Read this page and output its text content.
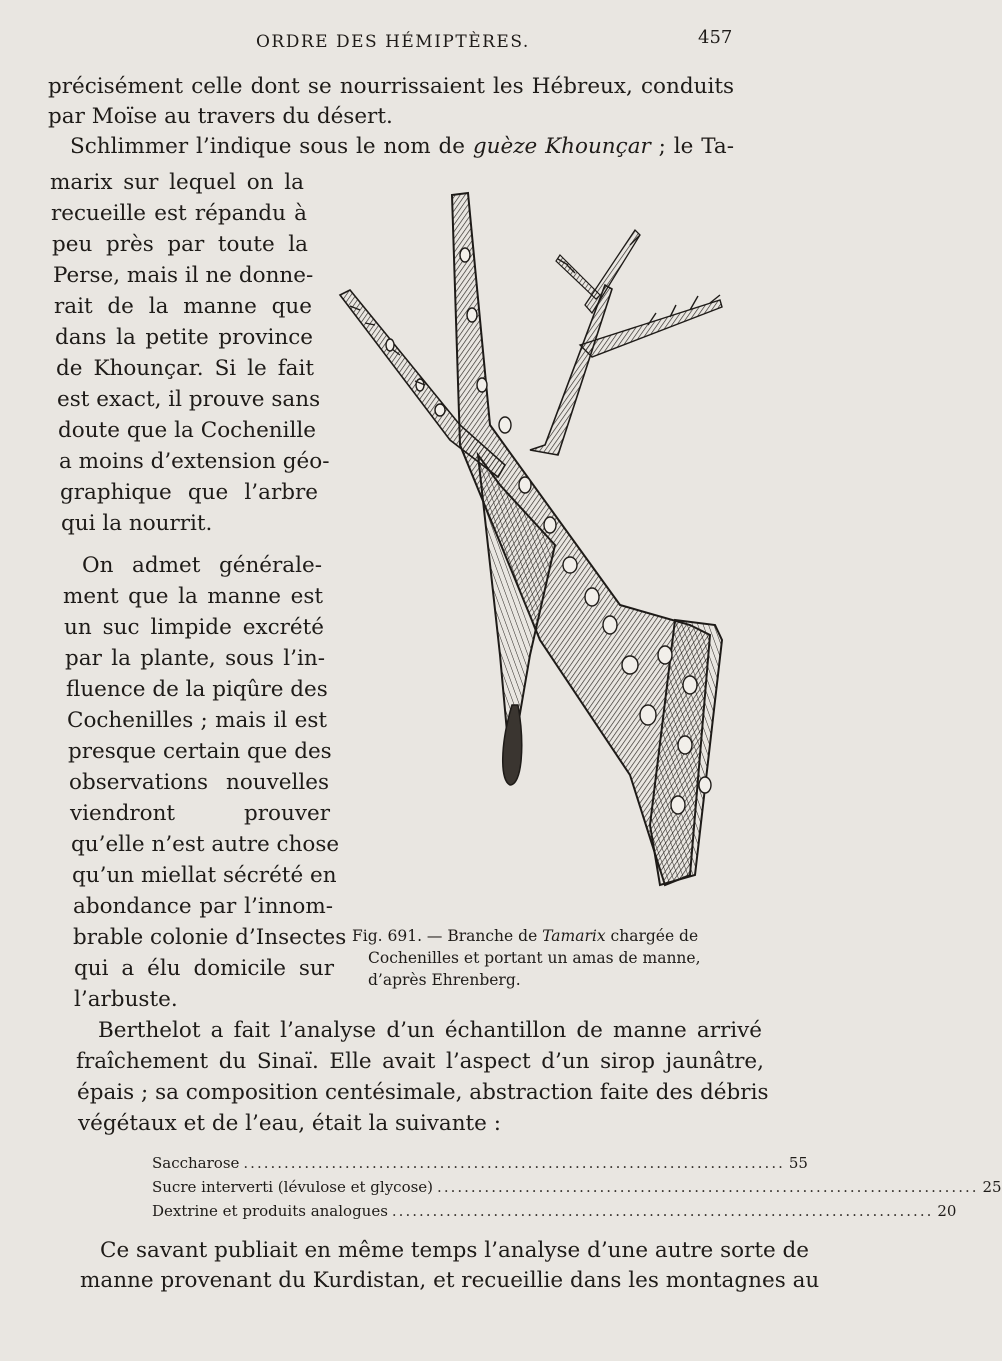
ORDRE DES HÉMIPTÈRES.	457
précisément celle dont se nourrissaient les Hébreux, conduits
par Moïse au travers du désert.
Schlimmer l’indique sous le nom de guèze Khounçar ; le Ta-
marix sur lequel on la
recueille est répandu à
peu près par toute la
Perse, mais il ne donne-
rait de la manne que
dans la petite province
de Khounçar. Si le fait
est exact, il prouve sans
doute que la Cochenille
a moins d’extension géo-
graphique que l’arbre
qui la nourrit.
On admet générale-
ment que la manne est
un suc limpide excrété
par la plante, sous l’in-
fluence de la piqûre des
Cochenilles ; mais il est
presque certain que des
observations nouvelles
viendront prouver
qu’elle n’est autre chose
qu’un miellat sécrété en
abondance par l’innom-
brable colonie d’Insectes
qui a élu domicile sur
l’arbuste.
Fig. 691. — Branche de Tamarix chargée de
Cochenilles et portant un amas de manne,
d’après Ehrenberg.
Berthelot a fait l’analyse d’un échantillon de manne arrivé
fraîchement du Sinaï. Elle avait l’aspect d’un sirop jaunâtre,
épais ; sa composition centésimale, abstraction faite des débris
végétaux et de l’eau, était la suivante :
Saccharose ................................................................................ 55
Sucre interverti (lévulose et glycose) ................................................................................ 25
Dextrine et produits analogues ................................................................................ 20
Ce savant publiait en même temps l’analyse d’une autre sorte de
manne provenant du Kurdistan, et recueillie dans les montagnes au
